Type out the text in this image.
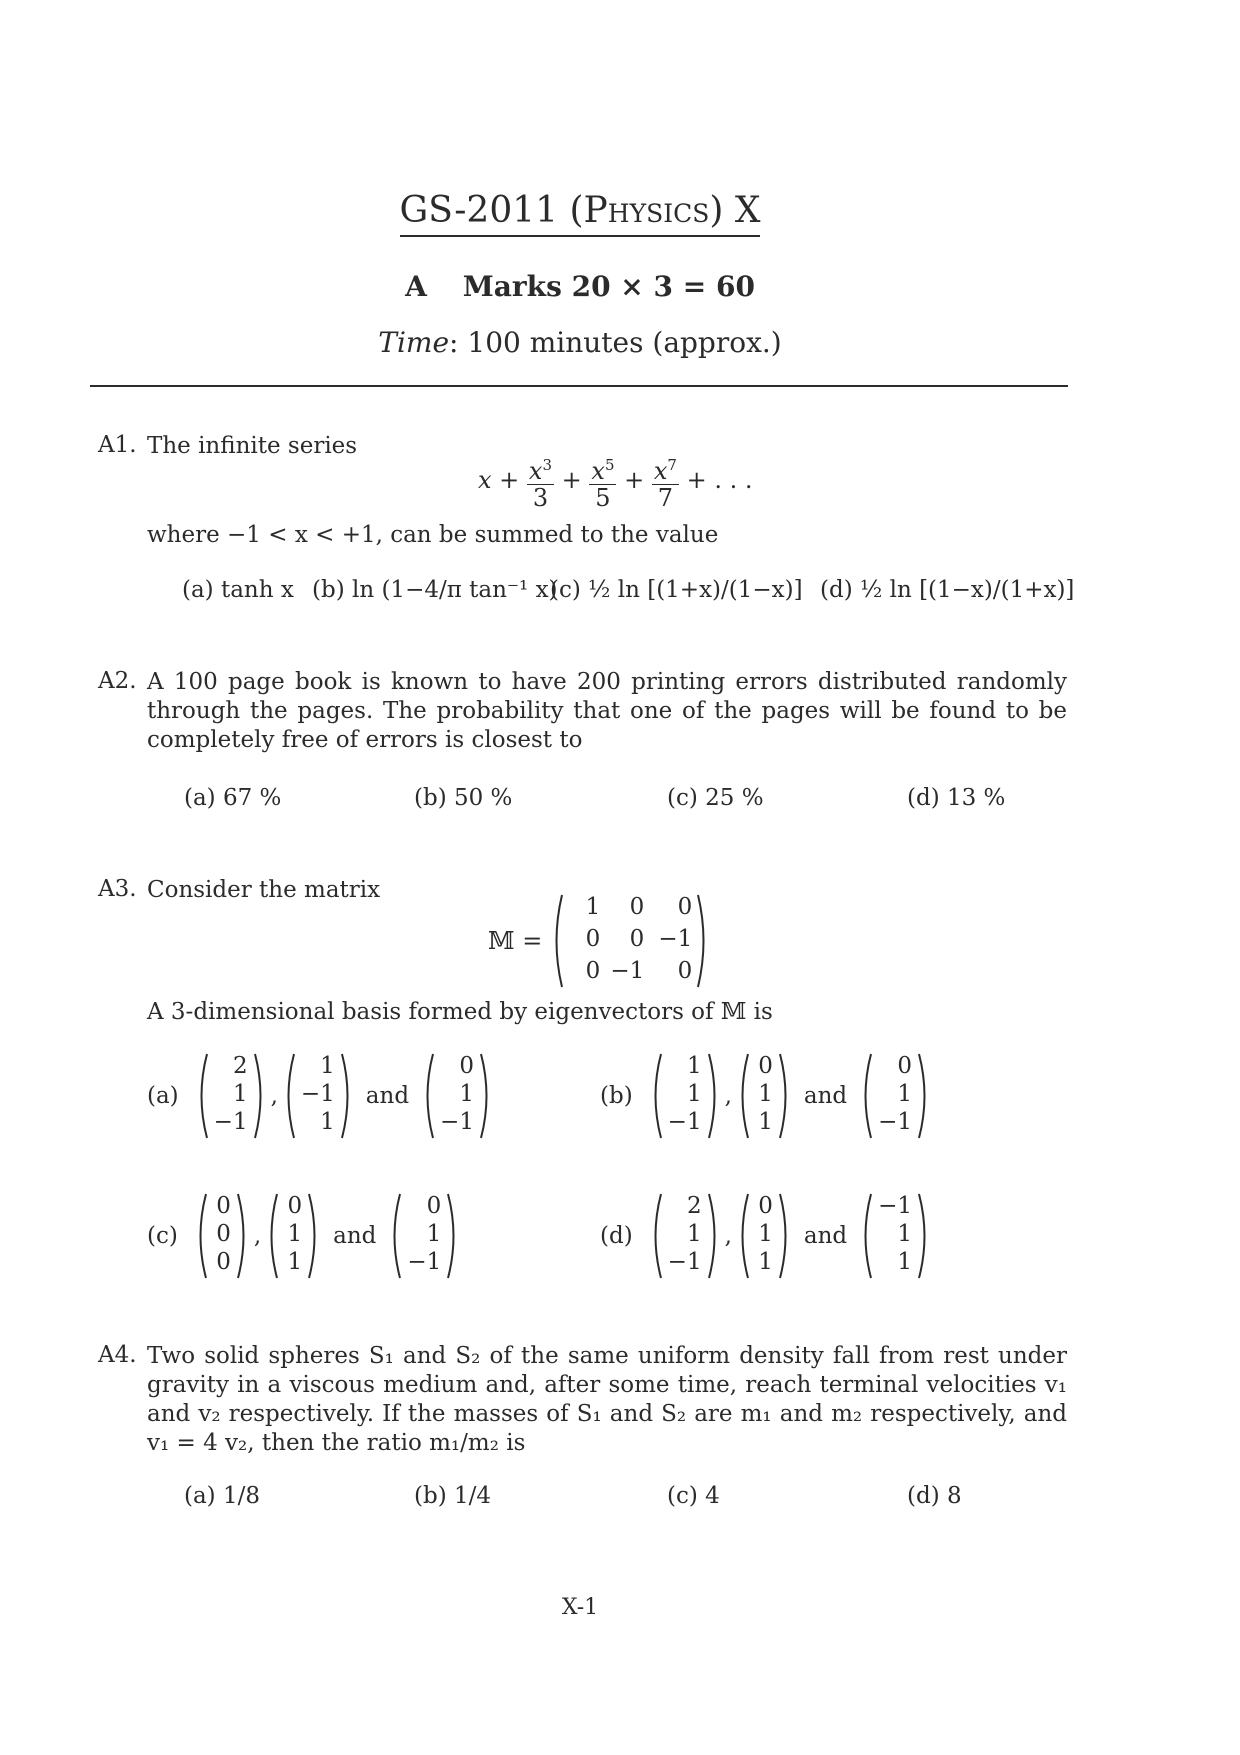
GS-2011 (Physics) X
A Marks 20 × 3 = 60
Time: 100 minutes (approx.)
A1. The infinite series
$x + \frac{x^3}{3} + \frac{x^5}{5} + \frac{x^7}{7}$ + . . .
where −1 < x < +1, can be summed to the value
(a) tanh x (b) ln (1−4/π tan⁻¹ x)
(c) ½ ln [(1+x)/(1−x)] (d) ½ ln [(1−x)/(1+x)]
A2. A 100 page book is known to have 200 printing errors distributed randomly through the pages. The probability that one of the pages will be found to be completely free of errors is closest to
(a) 67 %	(b) 50 %	(c) 25 %	(d) 13 %
A3. Consider the matrix
𝕄 =
1	0	0
0	0 −1
0 −1	0
A 3-dimensional basis formed by eigenvectors of 𝕄 is
(a)
2
1
−1
,
1
−1
1
and
0
1
−1
(b)
1
1
−1
,
0
1
1
and
0
1
−1
(c)
0
0
0
,
0
1
1
and
0
1
−1
(d)
2
1
−1
,
0
1
1
and
−1
1
1
A4. Two solid spheres S₁ and S₂ of the same uniform density fall from rest under gravity in a viscous medium and, after some time, reach terminal velocities v₁ and v₂ respectively. If the masses of S₁ and S₂ are m₁ and m₂ respectively, and v₁ = 4 v₂, then the ratio m₁/m₂ is
(a) 1/8	(b) 1/4	(c) 4	(d) 8
X-1
